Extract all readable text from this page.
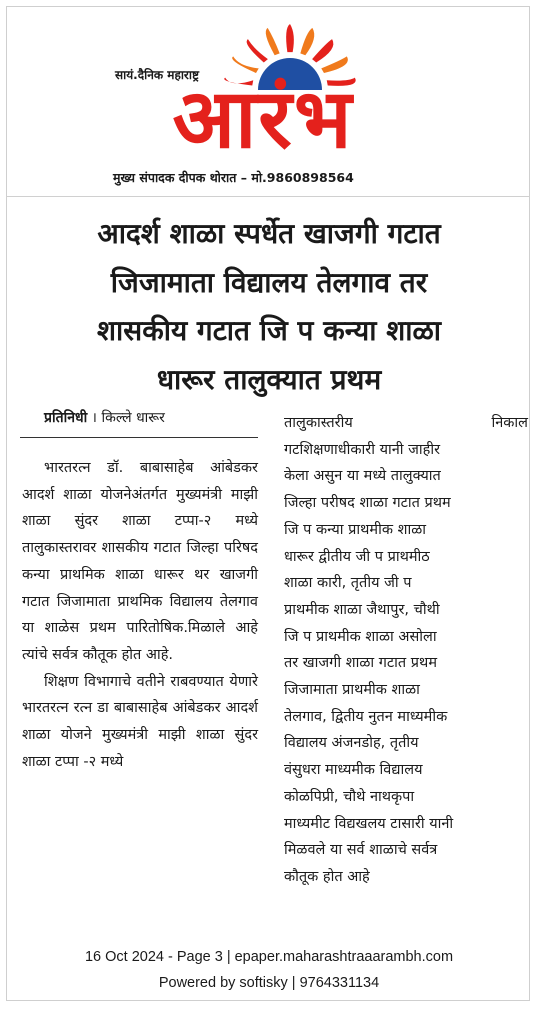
सायं.दैनिक महाराष्ट्र
आरंभ
मुख्य संपादक दीपक थोरात – मो.9860898564
आदर्श शाळा स्पर्धेत खाजगी गटात
जिजामाता विद्यालय तेलगाव तर
शासकीय गटात जि प कन्या शाळा
धारूर तालुक्यात प्रथम
प्रतिनिधी । किल्ले धारूर

भारतरत्न डॉ. बाबासाहेब आंबेडकर आदर्श शाळा योजनेअंतर्गत मुख्यमंत्री माझी शाळा सुंदर शाळा टप्पा-२ मध्ये तालुकास्तरावर शासकीय गटात जिल्हा परिषद कन्या प्राथमिक शाळा धारूर थर खाजगी गटात जिजामाता प्राथमिक विद्यालय तेलगाव या शाळेस प्रथम पारितोषिक.मिळाले आहे त्यांचे सर्वत्र कौतूक होत आहे.

शिक्षण विभागाचे वतीने राबवण्यात येणारे भारतरत्न रत्न डा बाबासाहेब आंबेडकर आदर्श शाळा योजने मुख्यमंत्री माझी शाळा सुंदर शाळा टप्पा -२ मध्ये

तालुकास्तरीय	निकाल
गटशिक्षणाधीकारी यानी जाहीर
केला असुन या मध्ये तालुक्यात
जिल्हा परीषद शाळा गटात प्रथम
जि प कन्या प्राथमीक शाळा
धारूर द्वीतीय जी प प्राथमीठ
शाळा कारी, तृतीय जी प
प्राथमीक शाळा जैथापुर, चौथी
जि प प्राथमीक शाळा असोला
तर खाजगी शाळा गटात प्रथम
जिजामाता प्राथमीक शाळा
तेलगाव, द्वितीय नुतन माध्यमीक
विद्यालय अंजनडोह, तृतीय
वंसुधरा माध्यमीक विद्यालय
कोळपिप्री, चौथे नाथकृपा
माध्यमीट विद्यखलय टासारी यानी
मिळवले या सर्व शाळाचे सर्वत्र
कौतूक होत आहे
16 Oct 2024 - Page 3 | epaper.maharashtraaarambh.com
Powered by softisky | 9764331134
